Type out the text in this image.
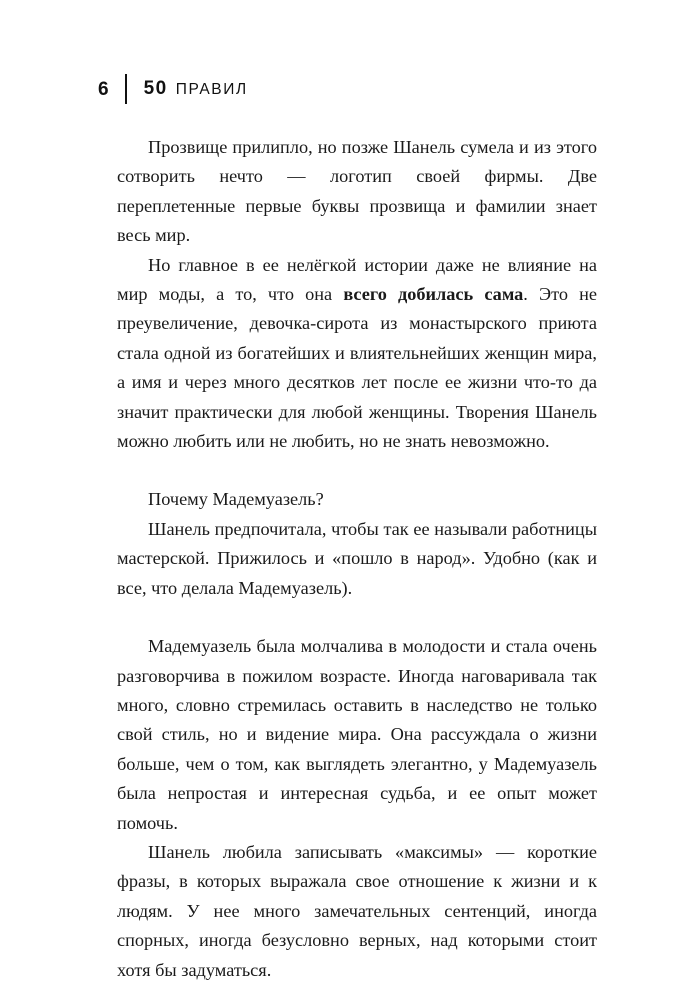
6	50 ПРАВИЛ

Прозвище прилипло, но позже Шанель сумела и из этого сотворить нечто — логотип своей фирмы. Две переплетенные первые буквы прозвища и фамилии знает весь мир.

Но главное в ее нелёгкой истории даже не влияние на мир моды, а то, что она всего добилась сама. Это не преувеличение, девочка-сирота из монастырского приюта стала одной из богатейших и влиятельнейших женщин мира, а имя и через много десятков лет после ее жизни что-то да значит практически для любой женщины. Творения Шанель можно любить или не любить, но не знать невозможно.

Почему Мадемуазель?

Шанель предпочитала, чтобы так ее называли работницы мастерской. Прижилось и «пошло в народ». Удобно (как и все, что делала Мадемуазель).

Мадемуазель была молчалива в молодости и стала очень разговорчива в пожилом возрасте. Иногда наговаривала так много, словно стремилась оставить в наследство не только свой стиль, но и видение мира. Она рассуждала о жизни больше, чем о том, как выглядеть элегантно, у Мадемуазель была непростая и интересная судьба, и ее опыт может помочь.

Шанель любила записывать «максимы» — короткие фразы, в которых выражала свое отношение к жизни и к людям. У нее много замечательных сентенций, иногда спорных, иногда безусловно верных, над которыми стоит хотя бы задуматься.
